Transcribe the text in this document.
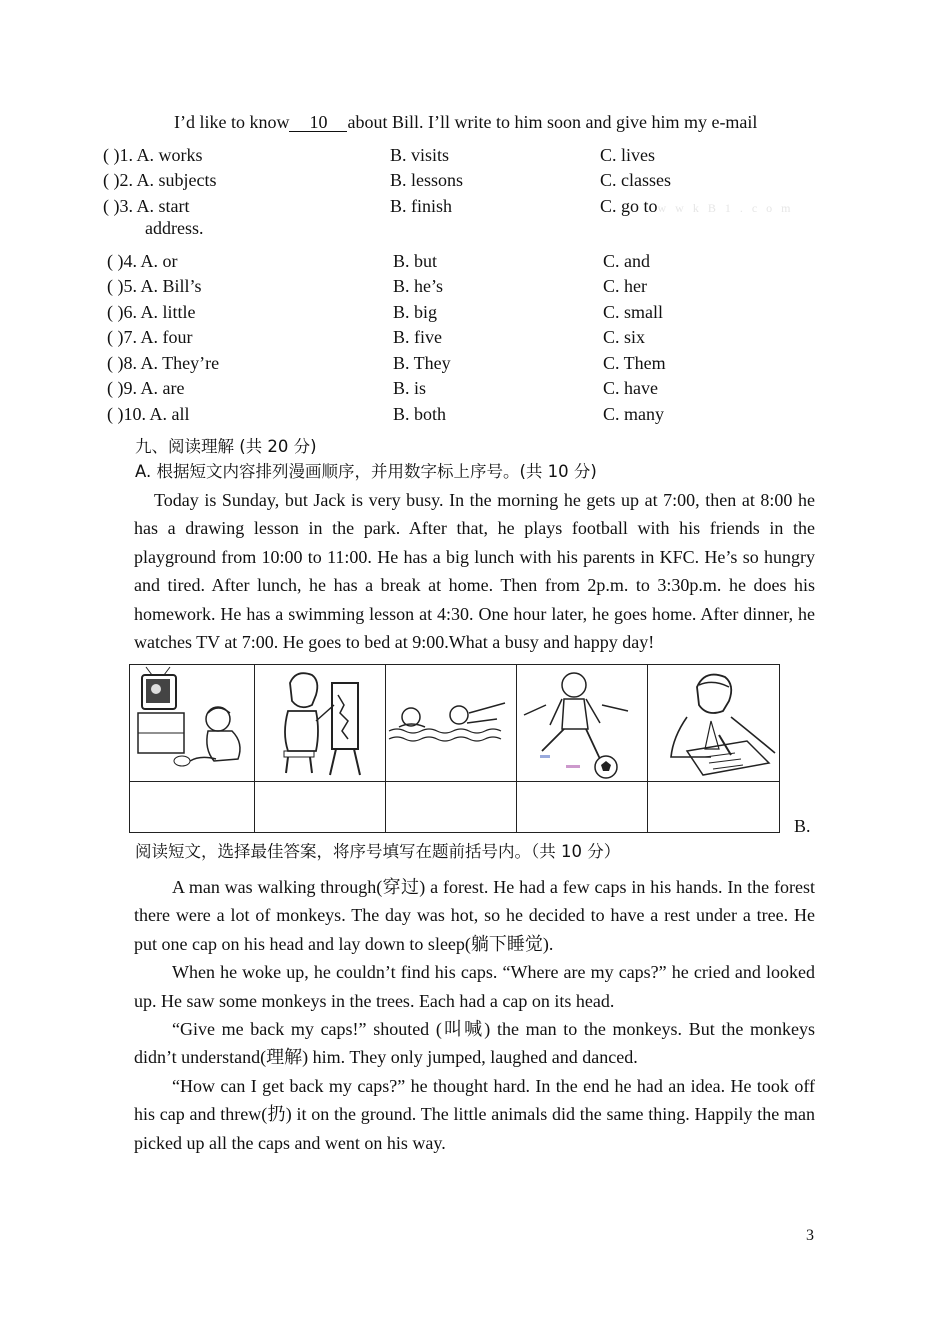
I’d like to know 10 about Bill. I’ll write to him soon and give him my e-mail
( )1. A. works	B. visits	C. lives
( )2. A. subjects	B. lessons	C. classes
( )3. A. start	B. finish	C. go tow w k B 1 . c o m
address.
( )4. A. or	B. but	C. and
( )5. A. Bill’s	B. he’s	C. her
( )6. A. little	B. big	C. small
( )7. A. four	B. five	C. six
( )8. A. They’re	B. They	C. Them
( )9. A. are	B. is	C. have
( )10. A. all	B. both	C. many
九、阅读理解 (共 20 分)
A. 根据短文内容排列漫画顺序，并用数字标上序号。(共 10 分)

Today is Sunday, but Jack is very busy. In the morning he gets up at 7:00, then at 8:00 he has a drawing lesson in the park. After that, he plays football with his friends in the playground from 10:00 to 11:00. He has a big lunch with his parents in KFC. He’s so hungry and tired. After lunch, he has a break at home. Then from 2p.m. to 3:30p.m. he does his homework. He has a swimming lesson at 4:30. One hour later, he goes home. After dinner, he watches TV at 7:00. He goes to bed at 9:00.What a busy and happy day!

B.
阅读短文，选择最佳答案，将序号填写在题前括号内。（共 10 分）

A man was walking through(穿过) a forest. He had a few caps in his hands. In the forest there were a lot of monkeys. The day was hot, so he decided to have a rest under a tree. He put one cap on his head and lay down to sleep(躺下睡觉).

When he woke up, he couldn’t find his caps. “Where are my caps?” he cried and looked up. He saw some monkeys in the trees. Each had a cap on its head.

“Give me back my caps!” shouted (叫喊) the man to the monkeys. But the monkeys didn’t understand(理解) him. They only jumped, laughed and danced.

“How can I get back my caps?” he thought hard. In the end he had an idea. He took off his cap and threw(扔) it on the ground. The little animals did the same thing. Happily the man picked up all the caps and went on his way.

3
